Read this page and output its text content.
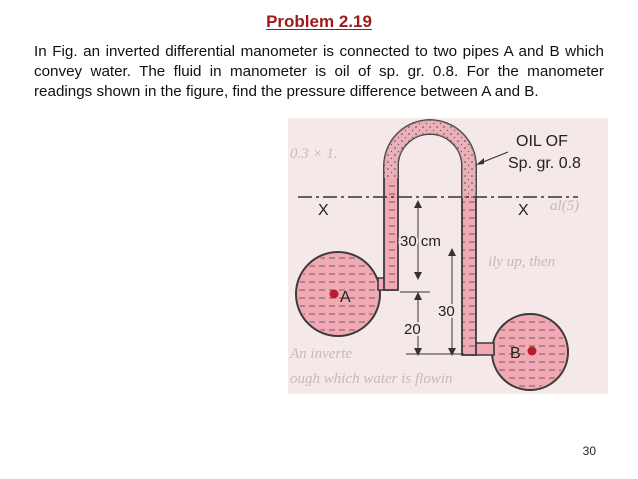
Problem 2.19
In Fig. an inverted differential manometer is connected to two pipes A and B which convey water. The fluid in manometer is oil of sp. gr. 0.8. For the manometer readings shown in the figure, find the pressure difference between A and B.
0.3 × 1.
al(5)
ily up, then
An inverte
ough which water is flowin
X	X
OIL OF
Sp. gr. 0.8
30 cm
30
20
A
B
30
